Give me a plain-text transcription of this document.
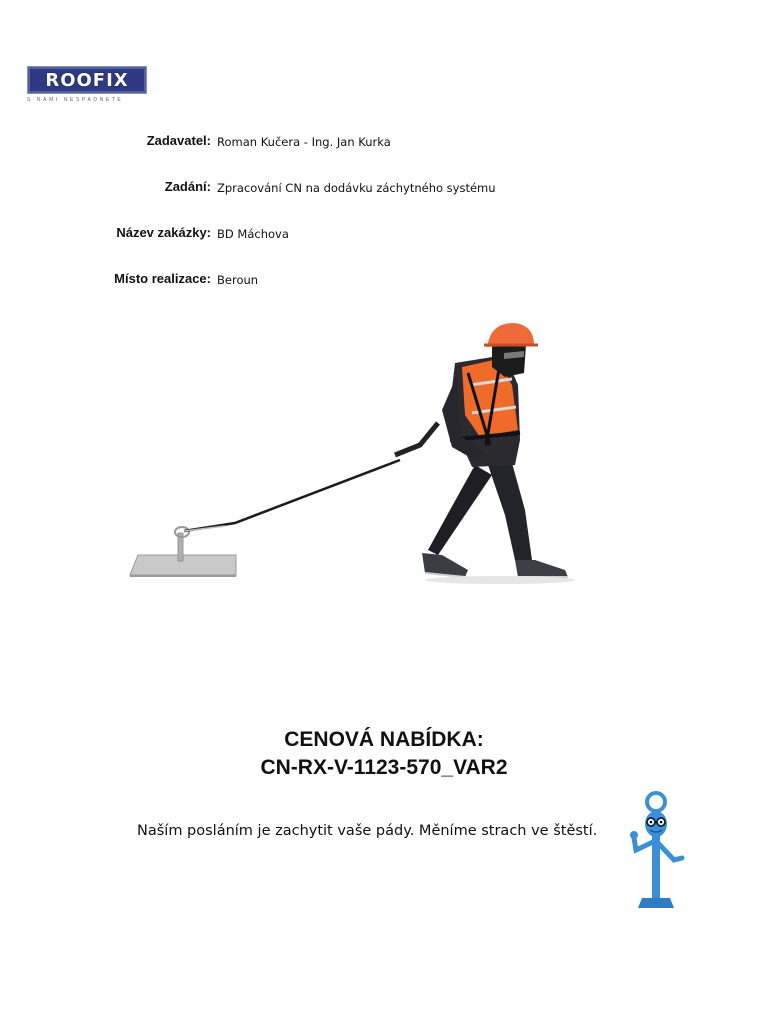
ROOFIX
S NÁMI NESPADNETE
Zadavatel: Roman Kučera - Ing. Jan Kurka
Zadání: Zpracování CN na dodávku záchytného systému
Název zakázky: BD Máchova
Místo realizace: Beroun
CENOVÁ NABÍDKA:
CN-RX-V-1123-570_VAR2
Naším posláním je zachytit vaše pády. Měníme strach ve štěstí.
